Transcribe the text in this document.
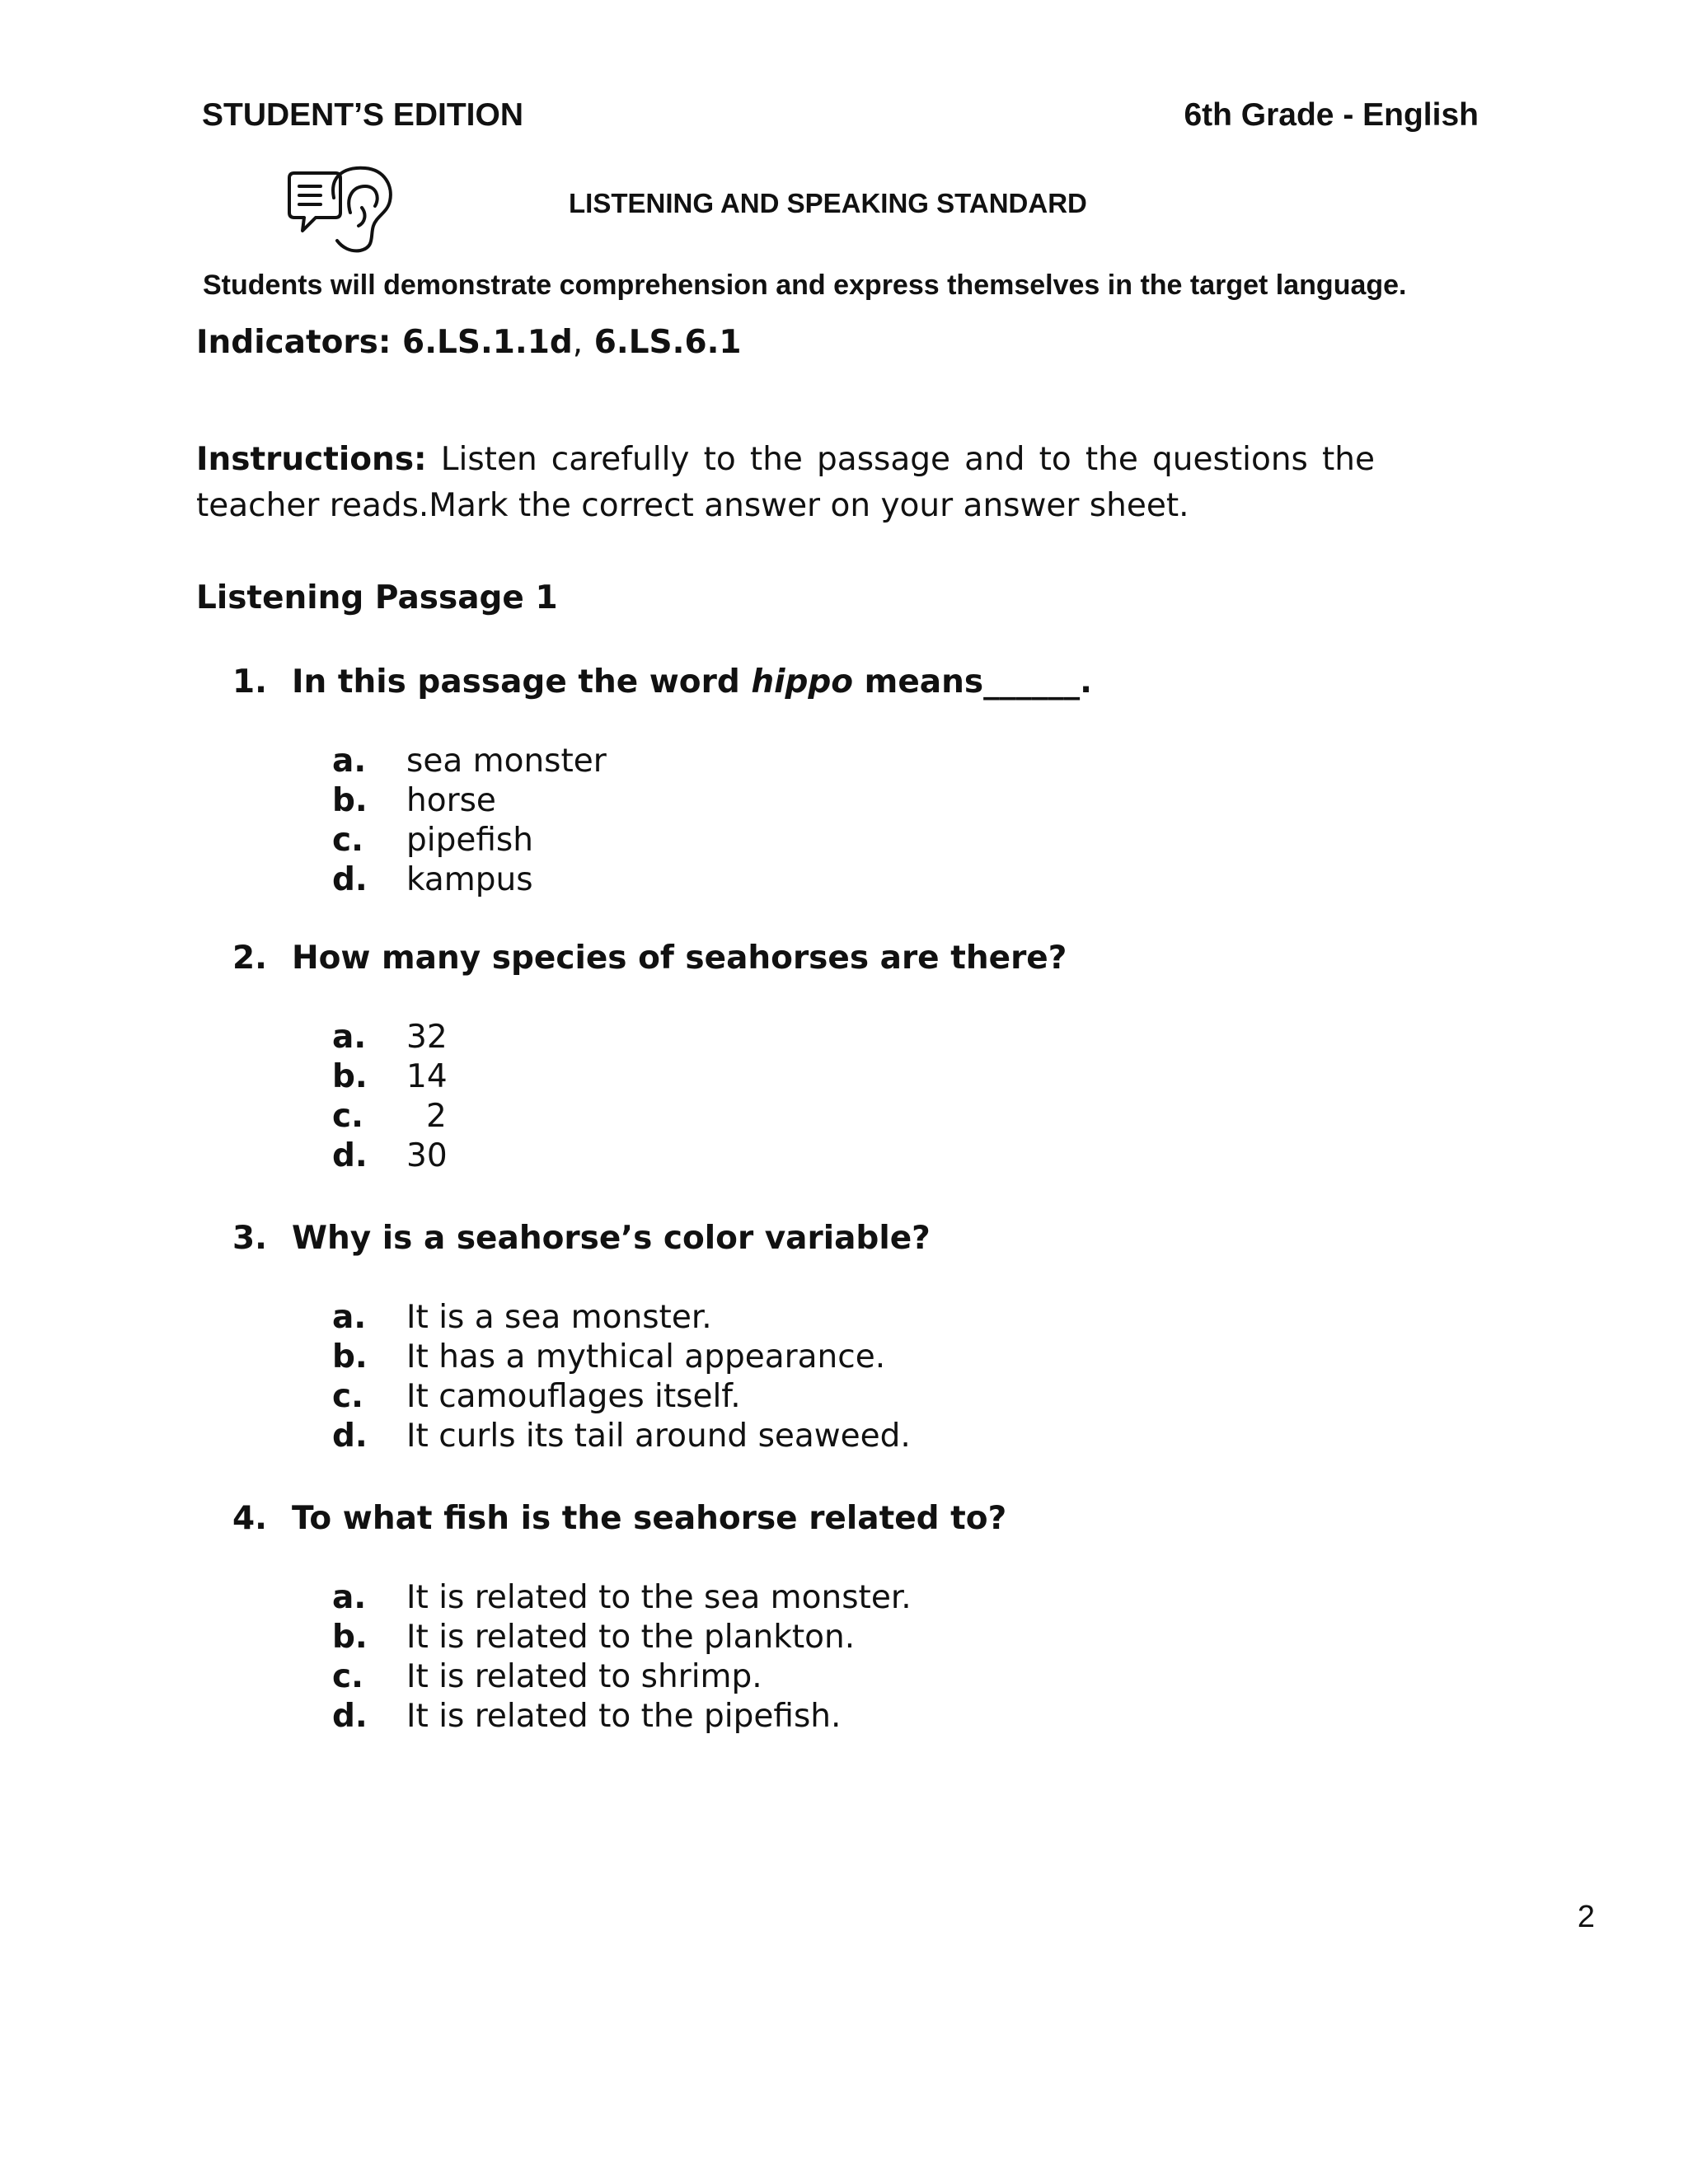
STUDENT’S EDITION	6th Grade - English
LISTENING AND SPEAKING STANDARD
Students will demonstrate comprehension and express themselves in the target language.
Indicators: 6.LS.1.1d, 6.LS.6.1
Instructions: Listen carefully to the passage and to the questions the teacher reads.Mark the correct answer on your answer sheet.
Listening Passage 1
1. In this passage the word hippo means______.
a. sea monster
b. horse
c. pipefish
d. kampus
2. How many species of seahorses are there?
a. 32
b. 14
c. 2
d. 30
3. Why is a seahorse’s color variable?
a. It is a sea monster.
b. It has a mythical appearance.
c. It camouflages itself.
d. It curls its tail around seaweed.
4. To what fish is the seahorse related to?
a. It is related to the sea monster.
b. It is related to the plankton.
c. It is related to shrimp.
d. It is related to the pipefish.
2
